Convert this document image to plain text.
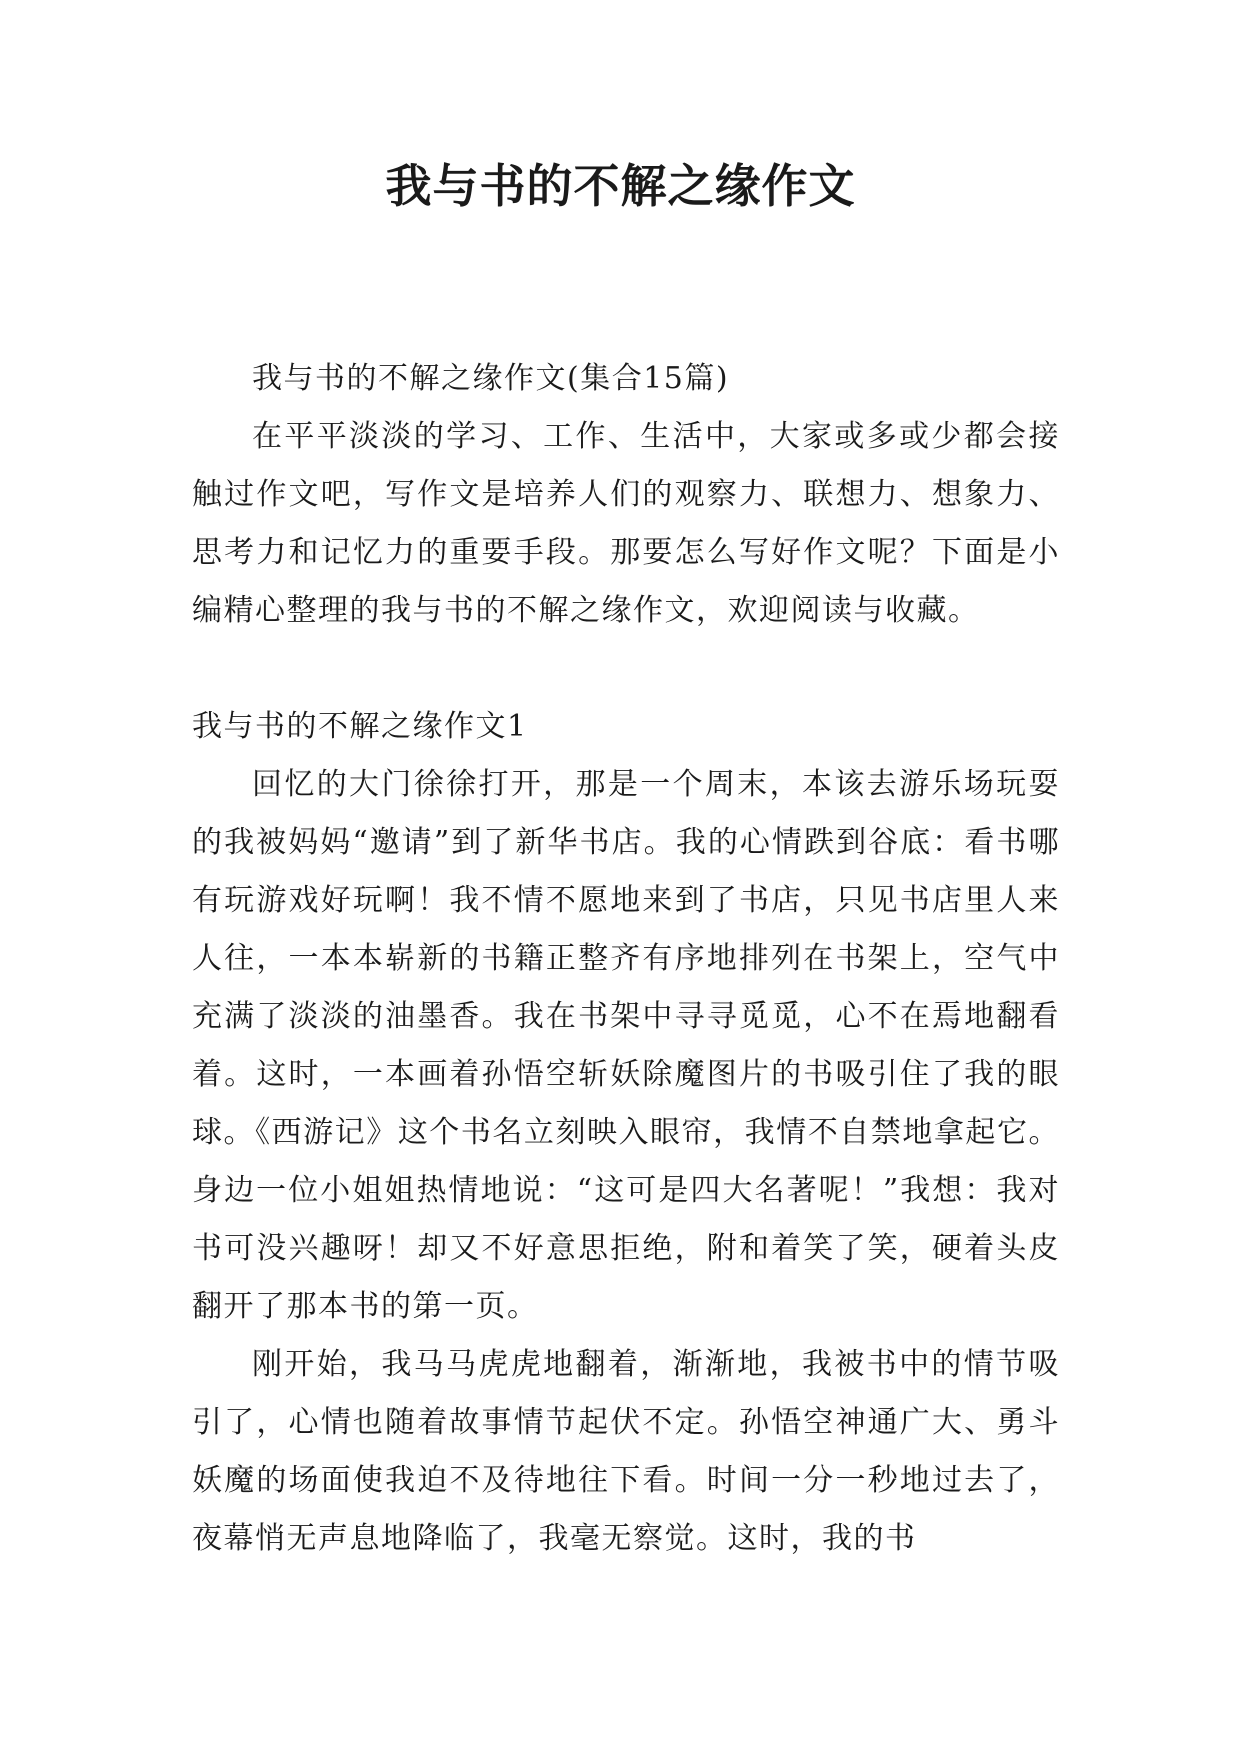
我与书的不解之缘作文

我与书的不解之缘作文(集合15篇)

在平平淡淡的学习、工作、生活中，大家或多或少都会接触过作文吧，写作文是培养人们的观察力、联想力、想象力、思考力和记忆力的重要手段。那要怎么写好作文呢？下面是小编精心整理的我与书的不解之缘作文，欢迎阅读与收藏。

我与书的不解之缘作文1

回忆的大门徐徐打开，那是一个周末，本该去游乐场玩耍的我被妈妈“邀请”到了新华书店。我的心情跌到谷底：看书哪有玩游戏好玩啊！我不情不愿地来到了书店，只见书店里人来人往，一本本崭新的书籍正整齐有序地排列在书架上，空气中充满了淡淡的油墨香。我在书架中寻寻觅觅，心不在焉地翻看着。这时，一本画着孙悟空斩妖除魔图片的书吸引住了我的眼球。《西游记》这个书名立刻映入眼帘，我情不自禁地拿起它。身边一位小姐姐热情地说：“这可是四大名著呢！”我想：我对书可没兴趣呀！却又不好意思拒绝，附和着笑了笑，硬着头皮翻开了那本书的第一页。

刚开始，我马马虎虎地翻着，渐渐地，我被书中的情节吸引了，心情也随着故事情节起伏不定。孙悟空神通广大、勇斗妖魔的场面使我迫不及待地往下看。时间一分一秒地过去了，夜幕悄无声息地降临了，我毫无察觉。这时，我的书
